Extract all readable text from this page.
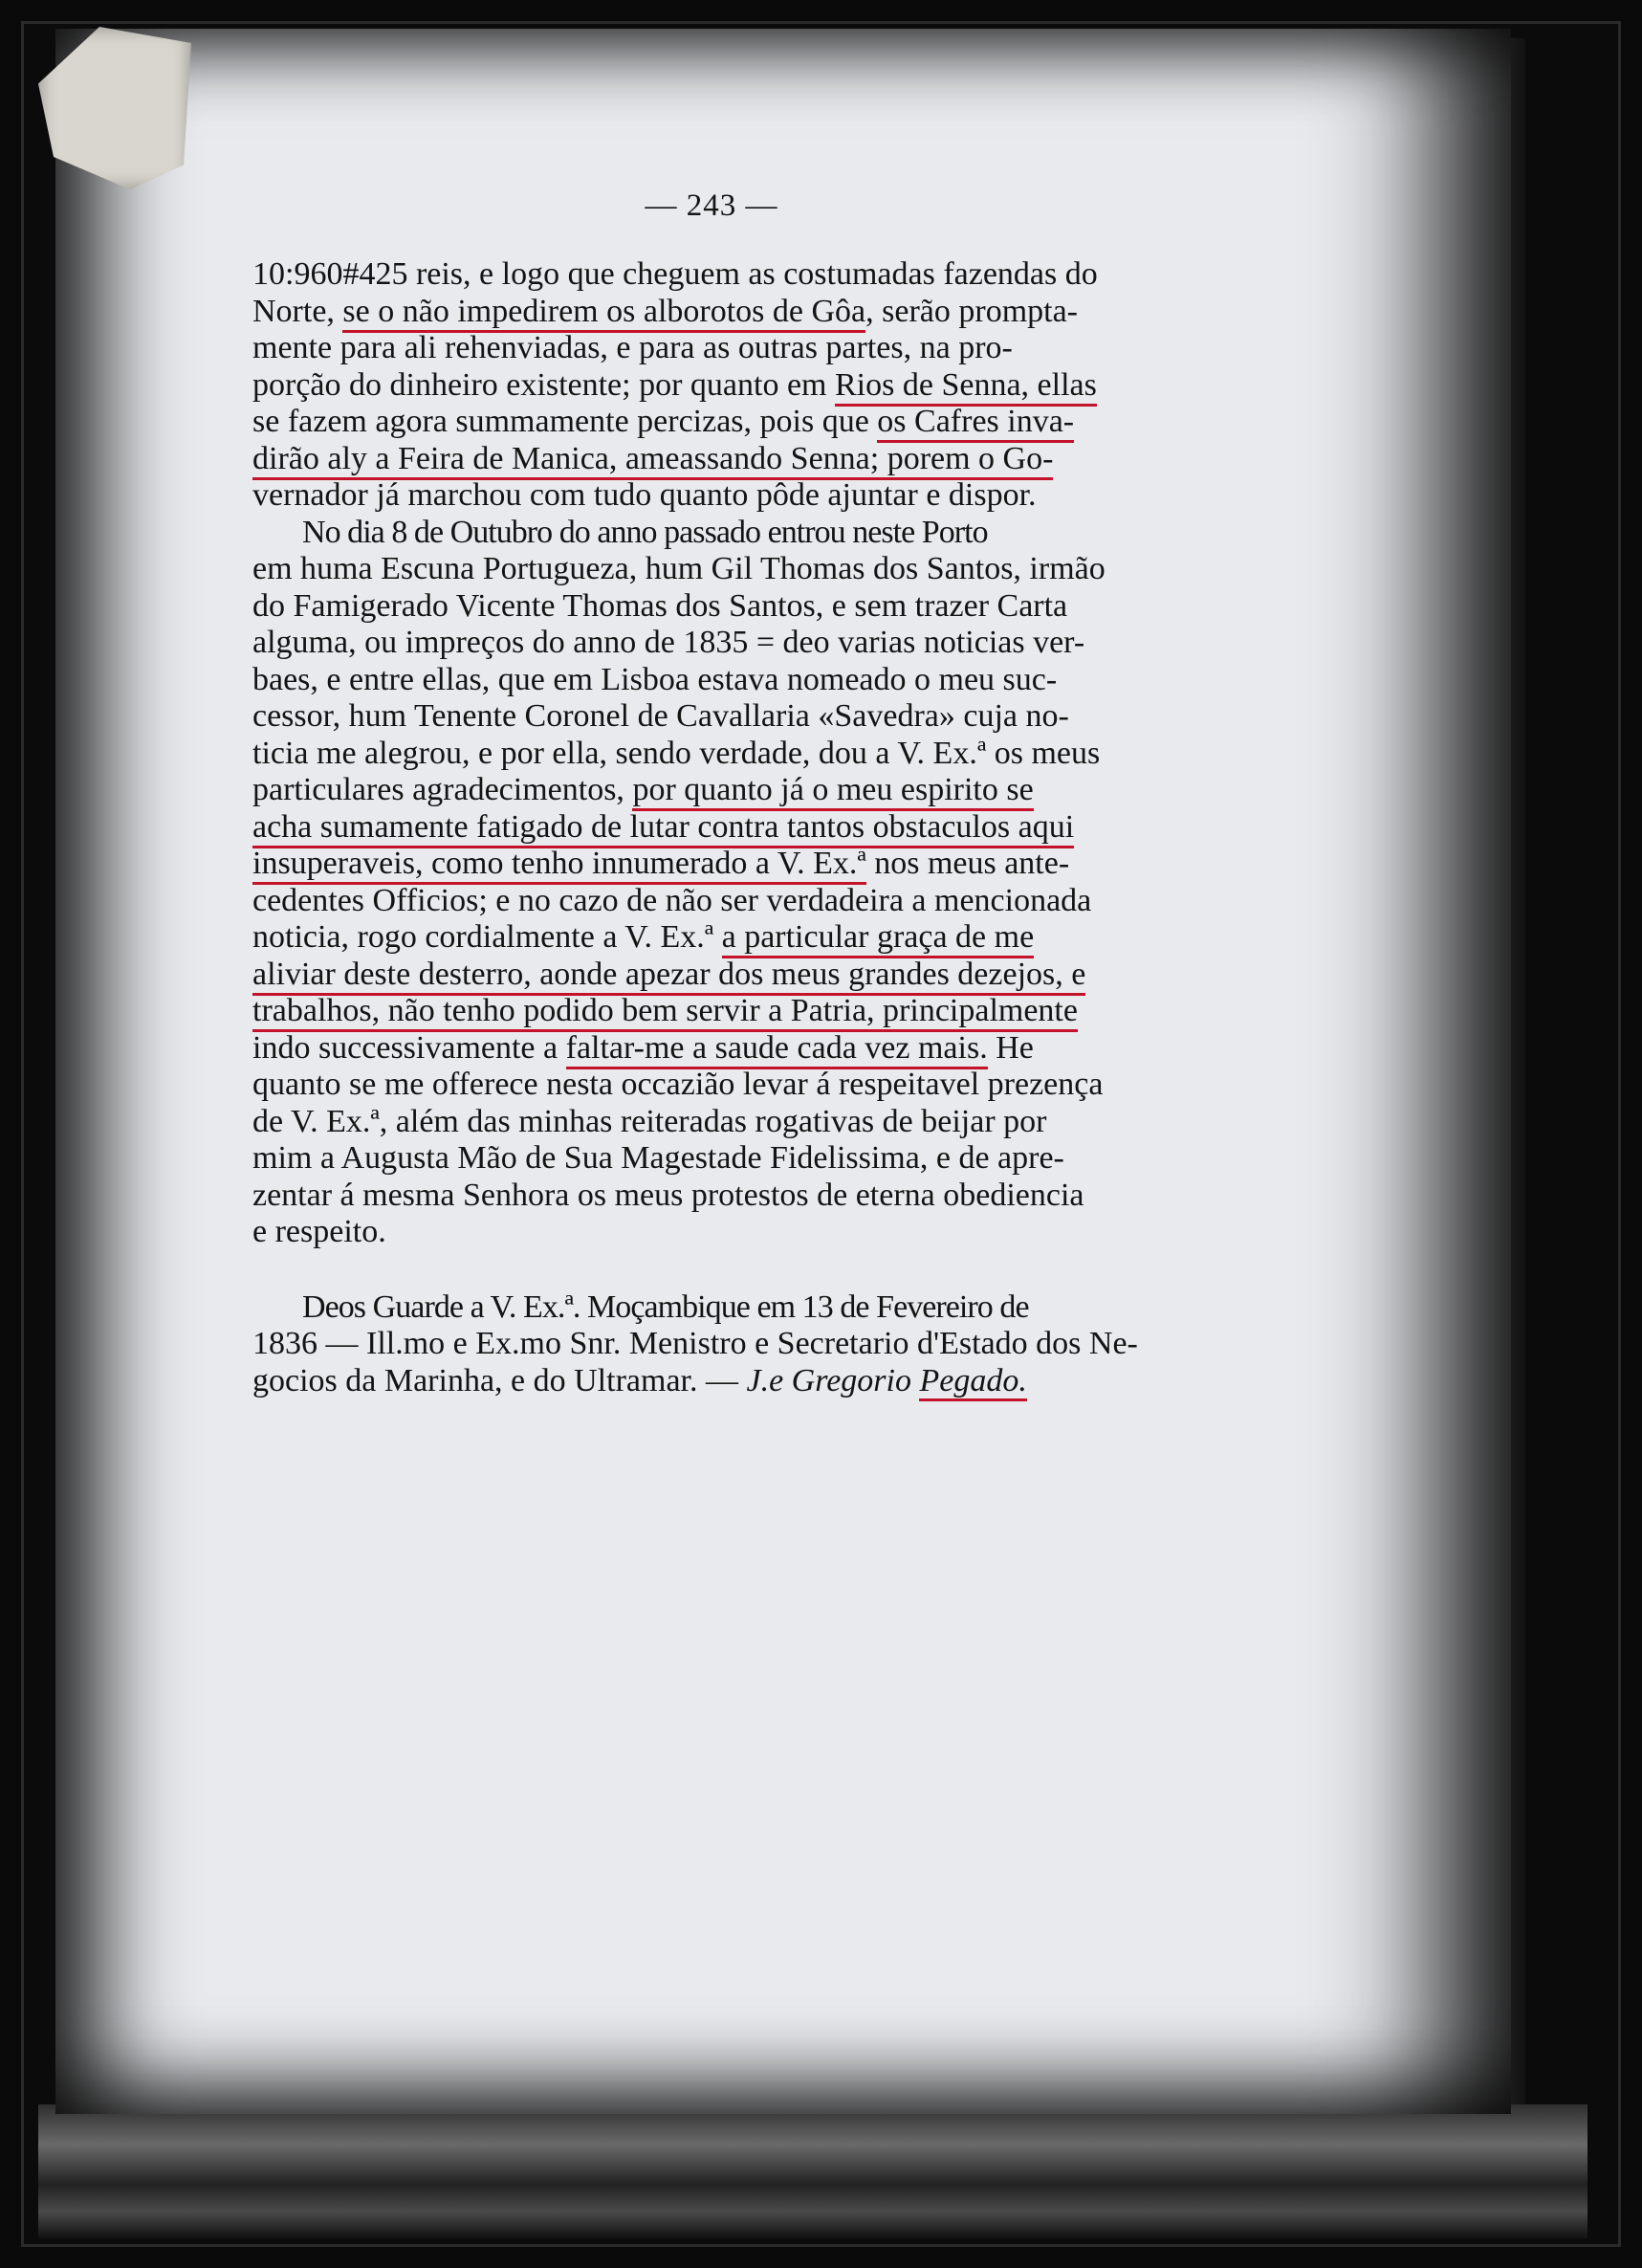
— 243 —
10:960#425 reis, e logo que cheguem as costumadas fazendas do
Norte, se o não impedirem os alborotos de Gôa, serão prompta-
mente para ali rehenviadas, e para as outras partes, na pro-
porção do dinheiro existente; por quanto em Rios de Senna, ellas
se fazem agora summamente percizas, pois que os Cafres inva-
dirão aly a Feira de Manica, ameassando Senna; porem o Go-
vernador já marchou com tudo quanto pôde ajuntar e dispor.
No dia 8 de Outubro do anno passado entrou neste Porto
em huma Escuna Portugueza, hum Gil Thomas dos Santos, irmão
do Famigerado Vicente Thomas dos Santos, e sem trazer Carta
alguma, ou impreços do anno de 1835 = deo varias noticias ver-
baes, e entre ellas, que em Lisboa estava nomeado o meu suc-
cessor, hum Tenente Coronel de Cavallaria «Savedra» cuja no-
ticia me alegrou, e por ella, sendo verdade, dou a V. Ex.ª os meus
particulares agradecimentos, por quanto já o meu espirito se
acha sumamente fatigado de lutar contra tantos obstaculos aqui
insuperaveis, como tenho innumerado a V. Ex.ª nos meus ante-
cedentes Officios; e no cazo de não ser verdadeira a mencionada
noticia, rogo cordialmente a V. Ex.ª a particular graça de me
aliviar deste desterro, aonde apezar dos meus grandes dezejos, e
trabalhos, não tenho podido bem servir a Patria, principalmente
indo successivamente a faltar-me a saude cada vez mais. He
quanto se me offerece nesta occazião levar á respeitavel prezença
de V. Ex.ª, além das minhas reiteradas rogativas de beijar por
mim a Augusta Mão de Sua Magestade Fidelissima, e de apre-
zentar á mesma Senhora os meus protestos de eterna obediencia
e respeito.
Deos Guarde a V. Ex.ª. Moçambique em 13 de Fevereiro de
1836 — Ill.mo e Ex.mo Snr. Menistro e Secretario d'Estado dos Ne-
gocios da Marinha, e do Ultramar. — J.e Gregorio Pegado.
